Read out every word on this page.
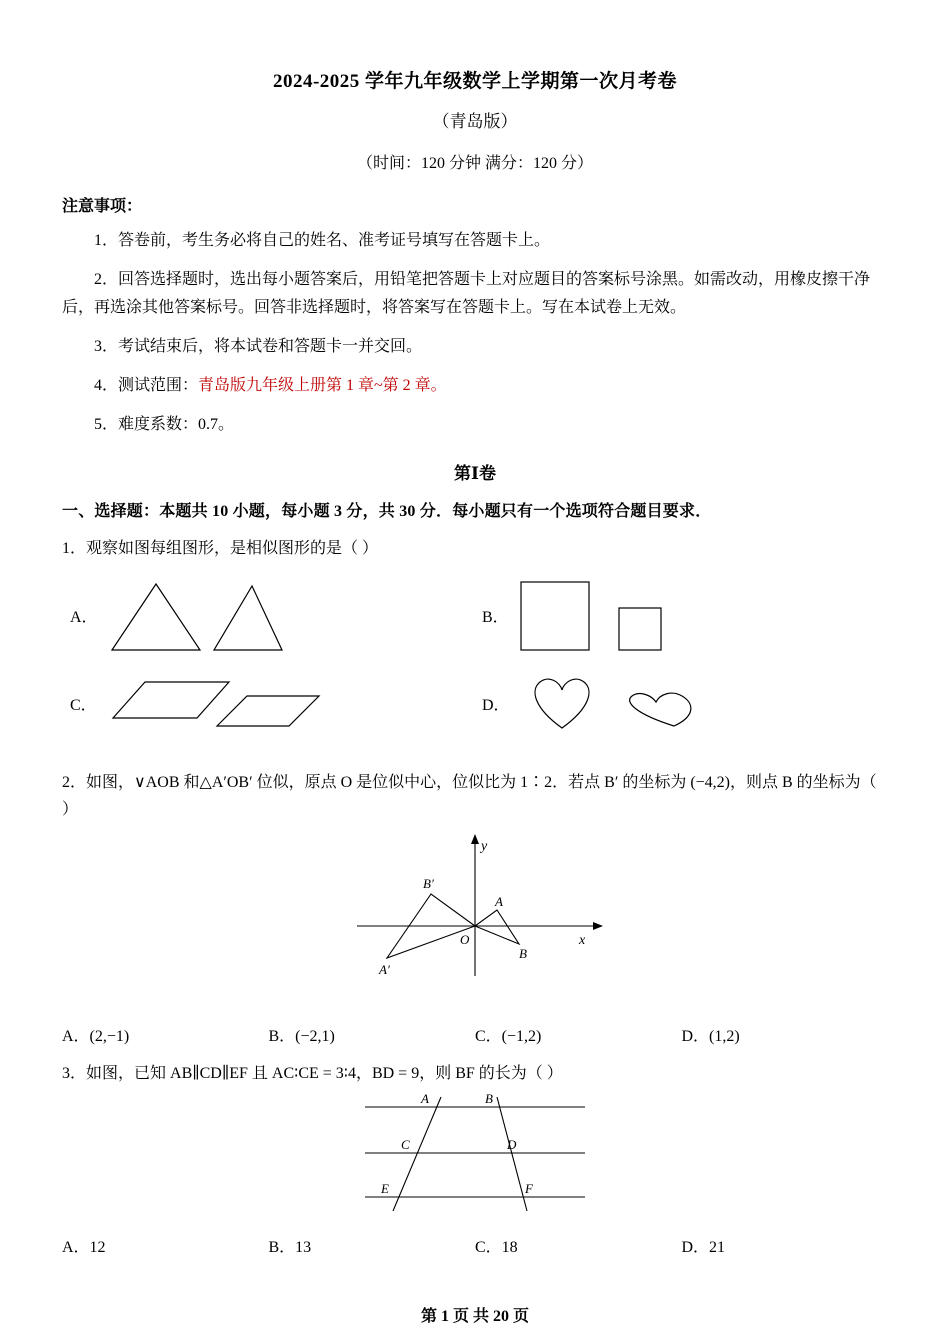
2024-2025 学年九年级数学上学期第一次月考卷
（青岛版）
（时间：120 分钟 满分：120 分）
注意事项：
1．答卷前，考生务必将自己的姓名、准考证号填写在答题卡上。
2．回答选择题时，选出每小题答案后，用铅笔把答题卡上对应题目的答案标号涂黑。如需改动，用橡皮擦干净后，再选涂其他答案标号。回答非选择题时，将答案写在答题卡上。写在本试卷上无效。
3．考试结束后，将本试卷和答题卡一并交回。
4．测试范围：青岛版九年级上册第 1 章~第 2 章。
5．难度系数：0.7。
第Ⅰ卷
一、选择题：本题共 10 小题，每小题 3 分，共 30 分．每小题只有一个选项符合题目要求．
1．观察如图每组图形，是相似图形的是（ ）
A．	B．
C．	D．
2．如图，∨AOB 和△A′OB′ 位似，原点 O 是位似中心，位似比为 1∶2．若点 B′ 的坐标为 (−4,2)，则点 B 的坐标为（ ）
B′
A
O
A′
B
x
y
A．(2,−1)	B．(−2,1)	C．(−1,2)	D．(1,2)
3．如图，已知 AB∥CD∥EF 且 AC∶CE = 3∶4，BD = 9，则 BF 的长为（ ）
A	B
C	D
E	F
A．12	B．13	C．18	D．21
第 1 页 共 20 页
